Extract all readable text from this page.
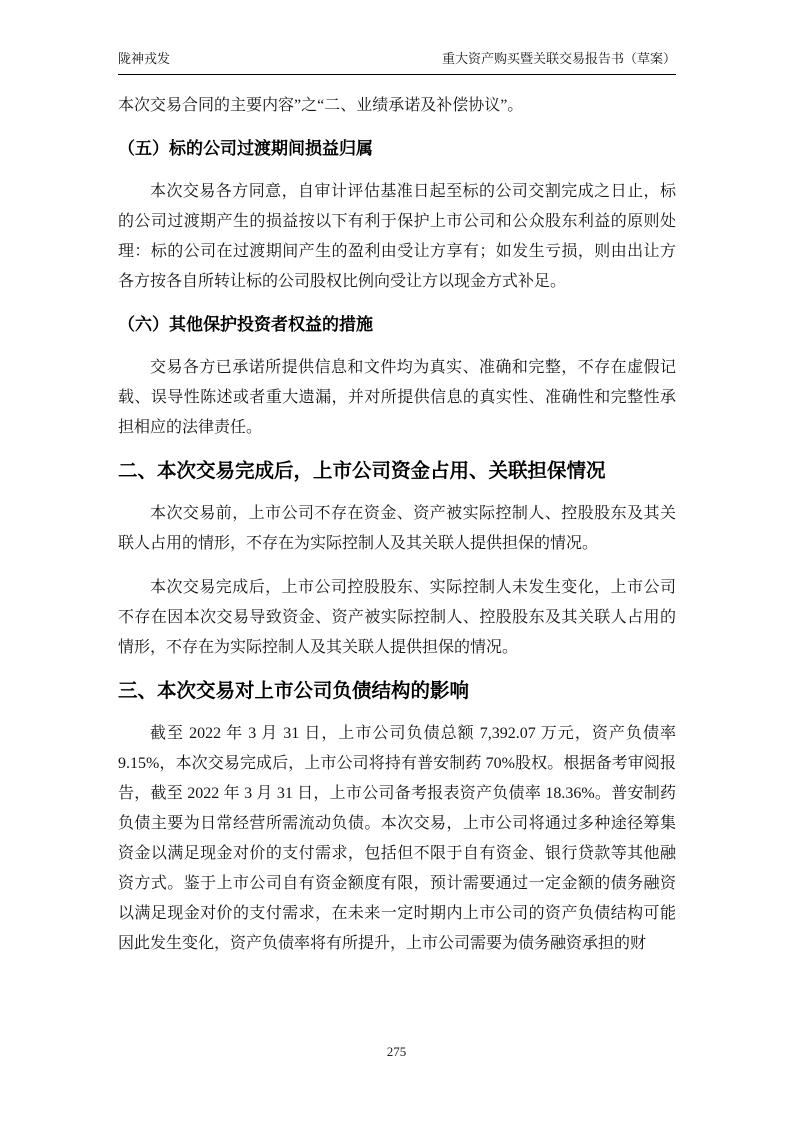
陇神戎发	重大资产购买暨关联交易报告书（草案）

本次交易合同的主要内容”之“二、业绩承诺及补偿协议”。

（五）标的公司过渡期间损益归属

本次交易各方同意，自审计评估基准日起至标的公司交割完成之日止，标的公司过渡期产生的损益按以下有利于保护上市公司和公众股东利益的原则处理：标的公司在过渡期间产生的盈利由受让方享有；如发生亏损，则由出让方各方按各自所转让标的公司股权比例向受让方以现金方式补足。

（六）其他保护投资者权益的措施

交易各方已承诺所提供信息和文件均为真实、准确和完整，不存在虚假记载、误导性陈述或者重大遗漏，并对所提供信息的真实性、准确性和完整性承担相应的法律责任。

二、本次交易完成后，上市公司资金占用、关联担保情况

本次交易前，上市公司不存在资金、资产被实际控制人、控股股东及其关联人占用的情形，不存在为实际控制人及其关联人提供担保的情况。

本次交易完成后，上市公司控股股东、实际控制人未发生变化，上市公司不存在因本次交易导致资金、资产被实际控制人、控股股东及其关联人占用的情形，不存在为实际控制人及其关联人提供担保的情况。

三、本次交易对上市公司负债结构的影响

截至 2022 年 3 月 31 日，上市公司负债总额 7,392.07 万元，资产负债率 9.15%，本次交易完成后，上市公司将持有普安制药 70%股权。根据备考审阅报告，截至 2022 年 3 月 31 日，上市公司备考报表资产负债率 18.36%。普安制药负债主要为日常经营所需流动负债。本次交易，上市公司将通过多种途径筹集资金以满足现金对价的支付需求，包括但不限于自有资金、银行贷款等其他融资方式。鉴于上市公司自有资金额度有限，预计需要通过一定金额的债务融资以满足现金对价的支付需求，在未来一定时期内上市公司的资产负债结构可能因此发生变化，资产负债率将有所提升，上市公司需要为债务融资承担的财

275
